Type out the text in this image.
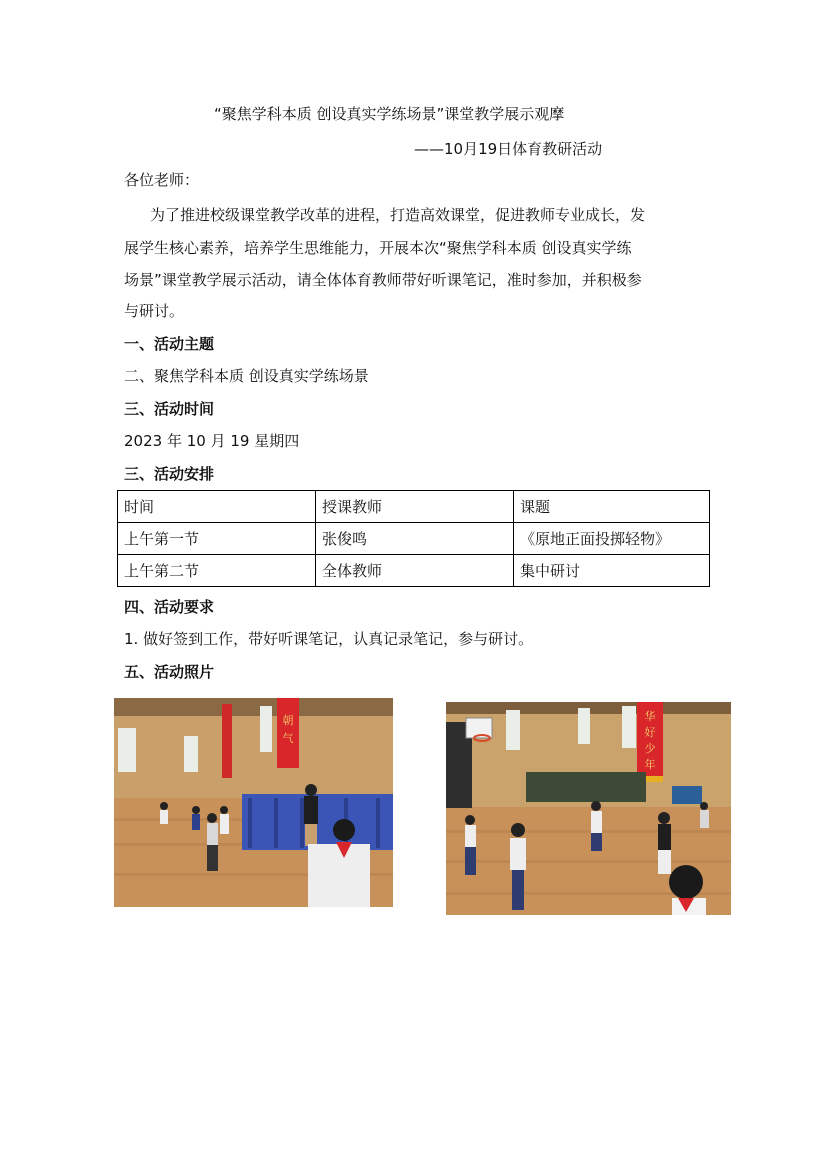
“聚焦学科本质 创设真实学练场景”课堂教学展示观摩
——10月19日体育教研活动
各位老师：
为了推进校级课堂教学改革的进程，打造高效课堂，促进教师专业成长，发
展学生核心素养，培养学生思维能力，开展本次“聚焦学科本质 创设真实学练
场景”课堂教学展示活动，请全体体育教师带好听课笔记，准时参加，并积极参
与研讨。
一、活动主题
二、聚焦学科本质 创设真实学练场景
三、活动时间
2023 年 10 月 19 星期四
三、活动安排
时间	授课教师	课题
上午第一节	张俊鸣	《原地正面投掷轻物》
上午第二节	全体教师	集中研讨
四、活动要求
1. 做好签到工作，带好听课笔记，认真记录笔记，参与研讨。
五、活动照片
朝
气
华
好
少
年
